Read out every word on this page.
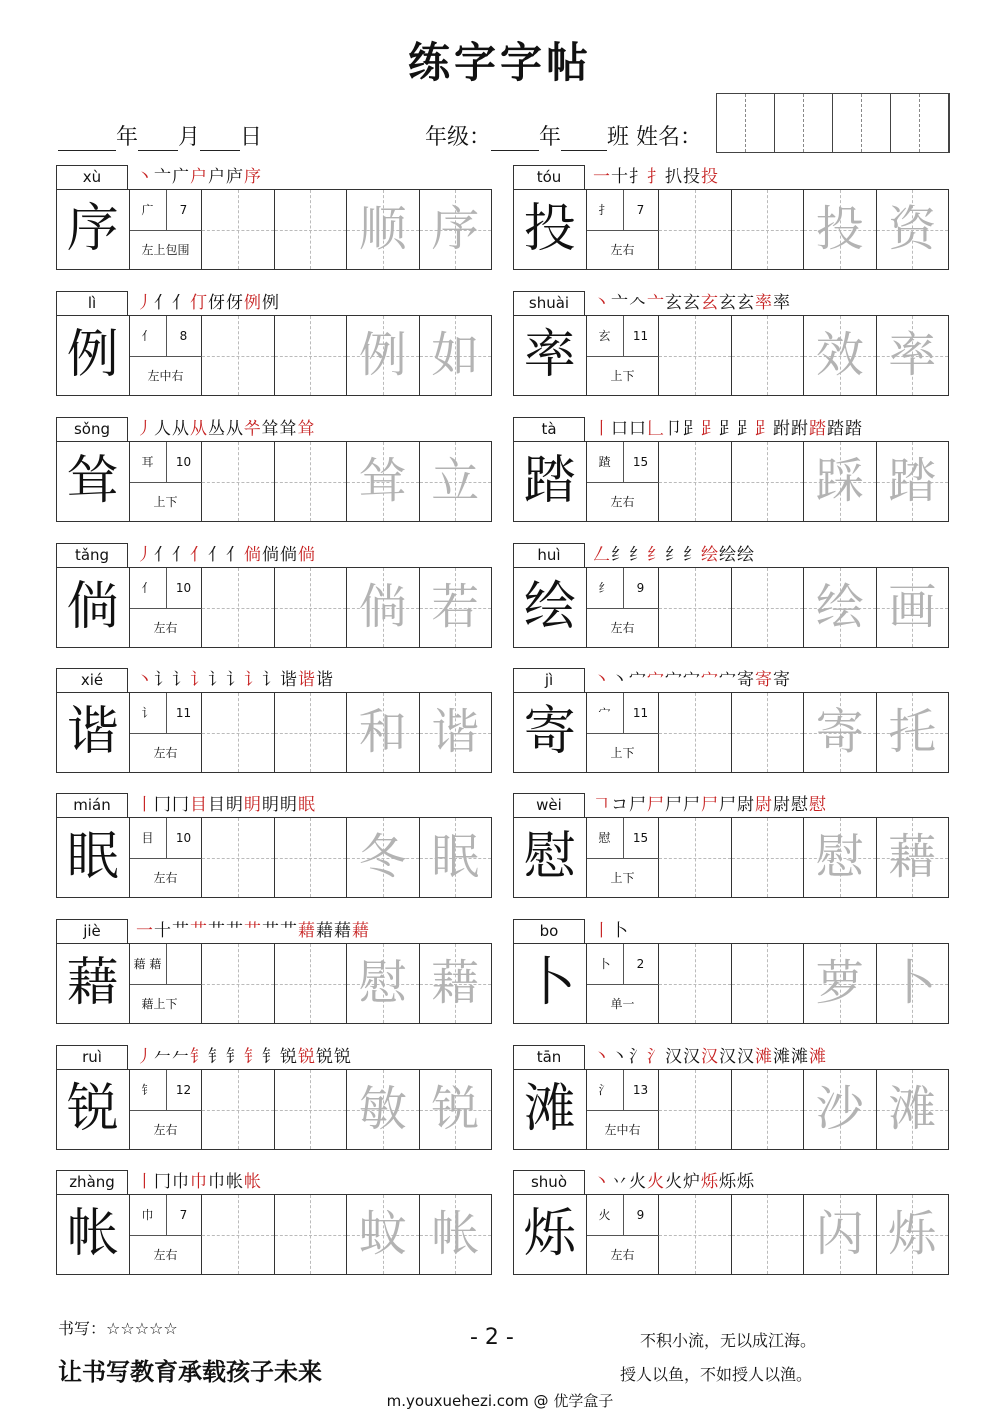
练字字帖
年 月 日	年级： 年 班 姓名：
xù	丶亠广户户庐序
序	广	7
左上包围	顺 序
tóu	一十扌扌扒投投
投	扌	7
左右	投 资
lì	丿亻亻仃伢伢例例
例	亻	8
左中右	例 如
shuài	丶亠𠆢亠玄玄玄玄玄率率
率	玄	11
上下	效 率
sǒng	丿人从从丛从쑤耸耸耸
耸	耳	10
上下	耸 立
tà	丨口口𠃊卩𧾷𧾷𧾷𧾷𧾷跗跗踏踏踏
踏	蹅	15
左右	踩 踏
tǎng	丿亻亻亻亻亻倘倘倘倘
倘	亻	10
左右	倘 若
huì	𠃋纟纟纟纟纟绘绘绘
绘	纟	9
左右	绘 画
xié	丶讠讠讠讠讠讠讠谐谐谐
谐	讠	11
左右	和 谐
jì	丶丶宀宀宀宀宀宀寄寄寄
寄	宀	11
上下	寄 托
mián	丨冂冂目目眀眀眀眀眠
眠	目	10
左右	冬 眠
wèi	𠃍コ尸尸尸尸尸尸尉尉尉慰慰
慰	慰	15
上下	慰 藉
jiè	一十艹艹艹艹艹艹艹藉藉藉藉
藉	藉 藉 藉 上下	慰 藉
bo	丨卜
卜	卜	2
单一	萝 卜
ruì	丿𠂉𠂉钅钅钅钅钅锐锐锐锐
锐	钅	12
左右	敏 锐
tān	丶丶氵氵汉汉汉汉汉滩滩滩滩
滩	氵	13
左中右	沙 滩
zhàng	丨冂巾巾巾帐帐
帐	巾	7
左右	蚊 帐
shuò	丶丷火火火炉烁烁烁
烁	火	9
左右	闪 烁
书写：☆☆☆☆☆
让书写教育承载孩子未来
- 2 -	不积小流，无以成江海。
授人以鱼，不如授人以渔。
m.youxuehezi.com @ 优学盒子
